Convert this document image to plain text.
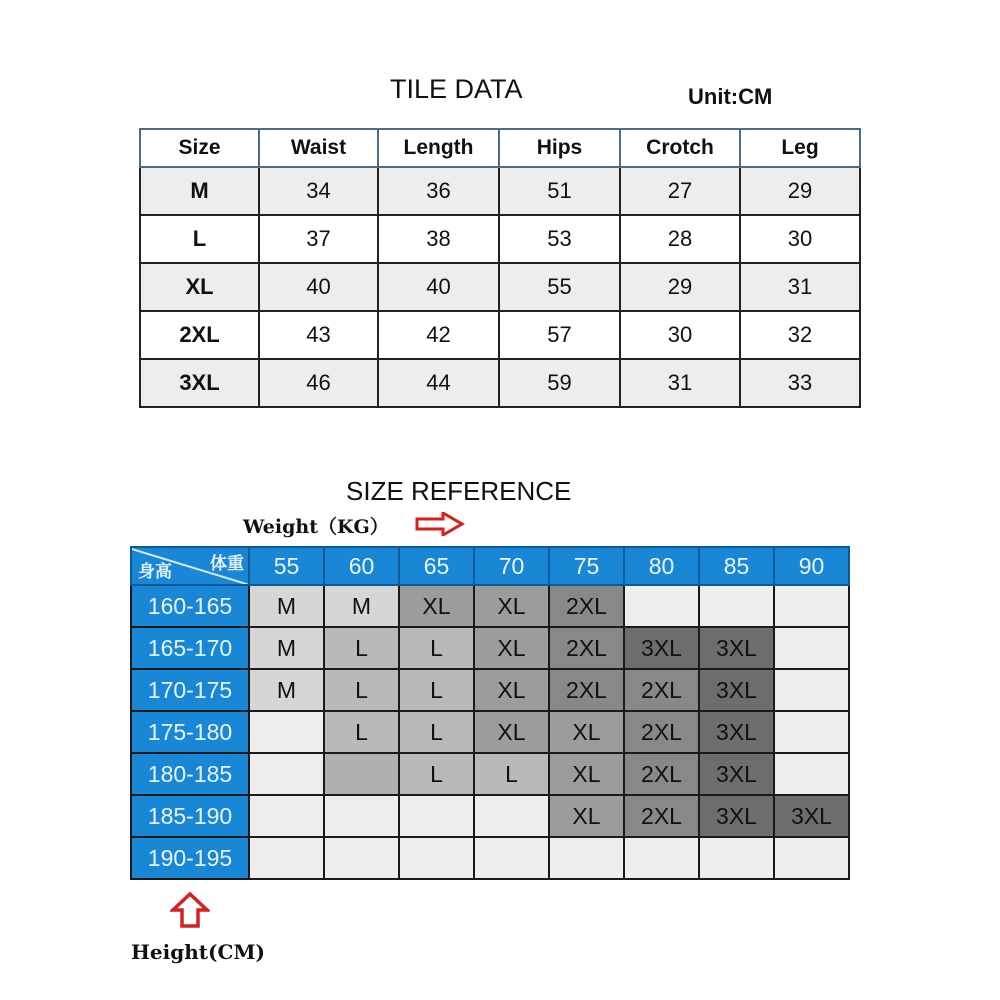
TILE DATA	Unit:CM
Size	Waist	Length	Hips	Crotch	Leg
M	34	36	51	27	29
L	37	38	53	28	30
XL	40	40	55	29	31
2XL	43	42	57	30	32
3XL	46	44	59	31	33
SIZE REFERENCE
Weight（KG）
体重
身高	55	60	65	70	75	80	85	90
160-165	M	M	XL	XL	2XL			
165-170	M	L	L	XL	2XL	3XL	3XL	
170-175	M	L	L	XL	2XL	2XL	3XL	
175-180		L	L	XL	XL	2XL	3XL	
180-185			L	L	XL	2XL	3XL	
185-190					XL	2XL	3XL	3XL
190-195								
Height(CM)
